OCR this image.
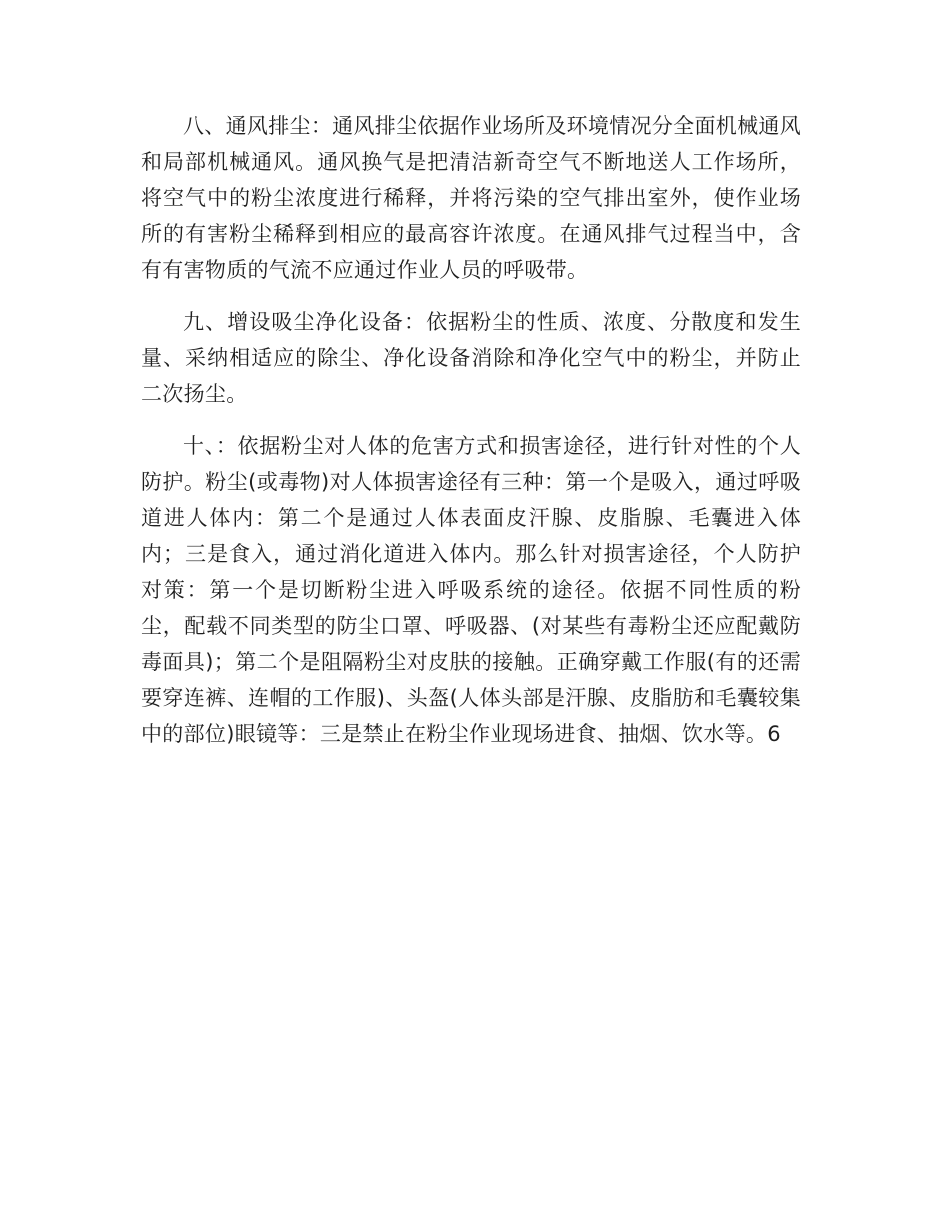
八、通风排尘：通风排尘依据作业场所及环境情况分全面机械通风和局部机械通风。通风换气是把清洁新奇空气不断地送人工作场所，将空气中的粉尘浓度进行稀释，并将污染的空气排出室外，使作业场所的有害粉尘稀释到相应的最高容许浓度。在通风排气过程当中，含有有害物质的气流不应通过作业人员的呼吸带。

九、增设吸尘净化设备：依据粉尘的性质、浓度、分散度和发生量、采纳相适应的除尘、净化设备消除和净化空气中的粉尘，并防止二次扬尘。

十、：依据粉尘对人体的危害方式和损害途径，进行针对性的个人防护。粉尘(或毒物)对人体损害途径有三种：第一个是吸入，通过呼吸道进人体内：第二个是通过人体表面皮汗腺、皮脂腺、毛囊进入体内；三是食入，通过消化道进入体内。那么针对损害途径，个人防护对策：第一个是切断粉尘进入呼吸系统的途径。依据不同性质的粉尘，配载不同类型的防尘口罩、呼吸器、(对某些有毒粉尘还应配戴防毒面具)；第二个是阻隔粉尘对皮肤的接触。正确穿戴工作服(有的还需要穿连裤、连帽的工作服)、头盔(人体头部是汗腺、皮脂肪和毛囊较集中的部位)眼镜等：三是禁止在粉尘作业现场进食、抽烟、饮水等。6
